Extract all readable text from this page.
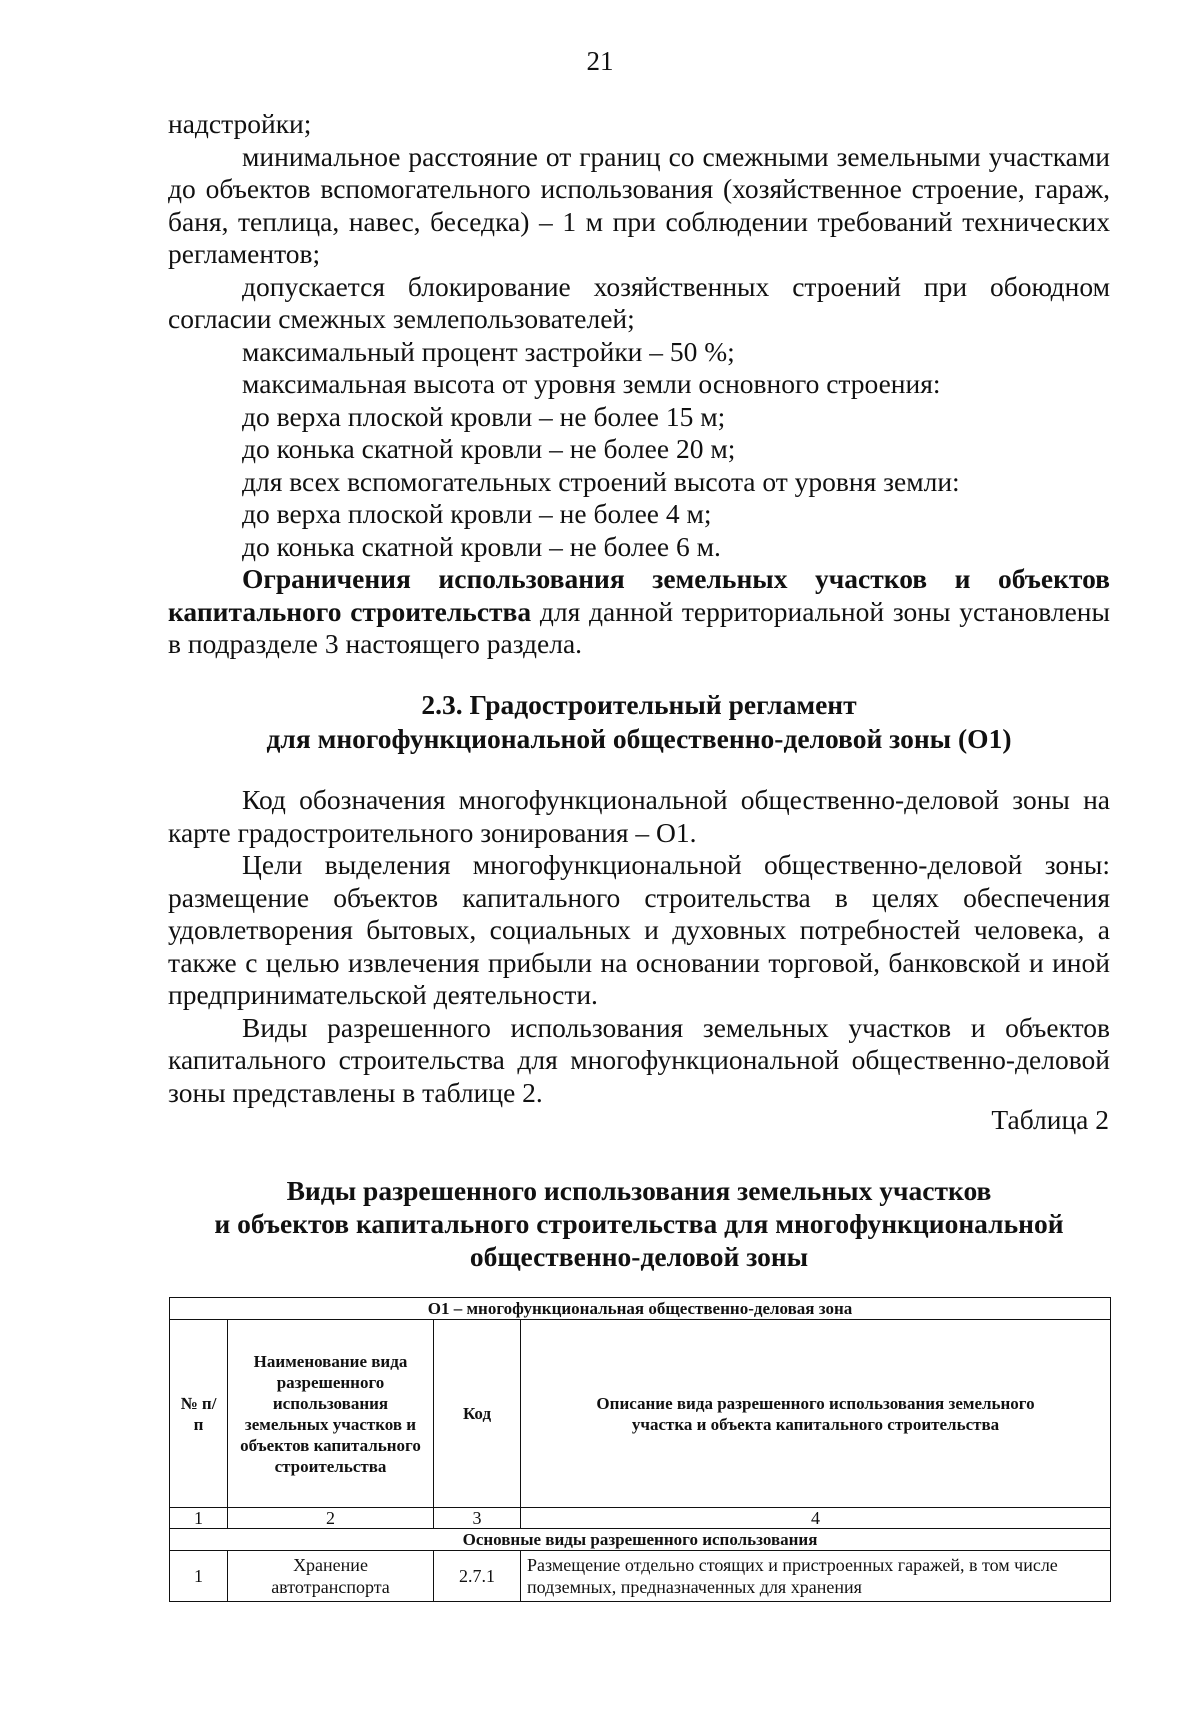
21

надстройки;

минимальное расстояние от границ со смежными земельными участками до объектов вспомогательного использования (хозяйственное строение, гараж, баня, теплица, навес, беседка) – 1 м при соблюдении требований технических регламентов;

допускается блокирование хозяйственных строений при обоюдном согласии смежных землепользователей;

максимальный процент застройки – 50 %;

максимальная высота от уровня земли основного строения:

до верха плоской кровли – не более 15 м;

до конька скатной кровли – не более 20 м;

для всех вспомогательных строений высота от уровня земли:

до верха плоской кровли – не более 4 м;

до конька скатной кровли – не более 6 м.

Ограничения использования земельных участков и объектов капитального строительства для данной территориальной зоны установлены в подразделе 3 настоящего раздела.

2.3. Градостроительный регламент
для многофункциональной общественно-деловой зоны (О1)

Код обозначения многофункциональной общественно-деловой зоны на карте градостроительного зонирования – О1.

Цели выделения многофункциональной общественно-деловой зоны: размещение объектов капитального строительства в целях обеспечения удовлетворения бытовых, социальных и духовных потребностей человека, а также с целью извлечения прибыли на основании торговой, банковской и иной предпринимательской деятельности.

Виды разрешенного использования земельных участков и объектов капитального строительства для многофункциональной общественно-деловой зоны представлены в таблице 2.

Таблица 2
Виды разрешенного использования земельных участков
и объектов капитального строительства для многофункциональной
общественно-деловой зоны
О1 – многофункциональная общественно-деловая зона			
№ п/п	Наименование вида разрешенного использования земельных участков и объектов капитального строительства	Код	Описание вида разрешенного использования земельного участка и объекта капитального строительства
1	2	3	4
Основные виды разрешенного использования			
1	Хранение автотранспорта	2.7.1	Размещение отдельно стоящих и пристроенных гаражей, в том числе подземных, предназначенных для хранения
